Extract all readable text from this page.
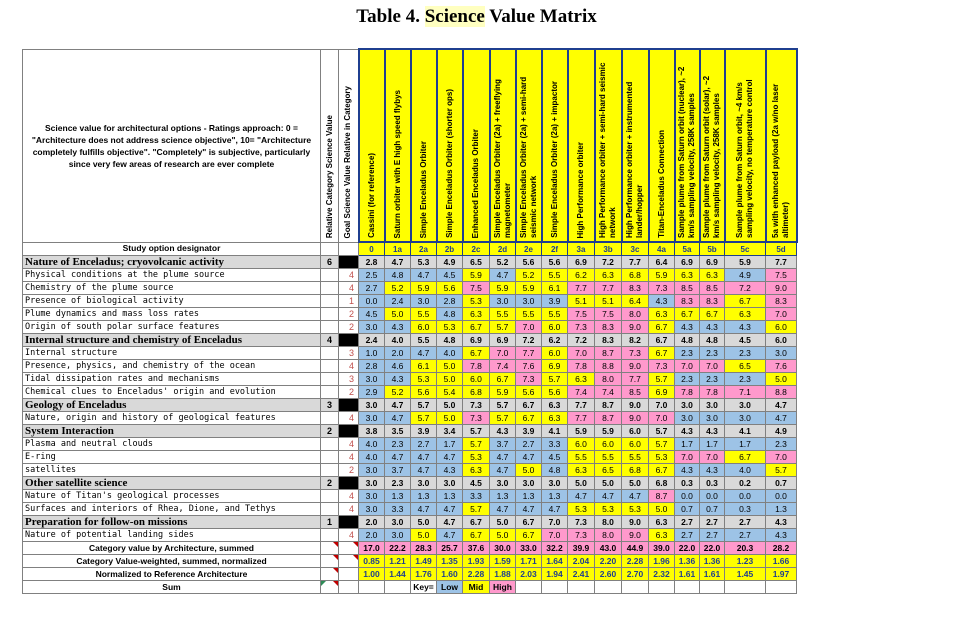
Table 4. Science Value Matrix
Science value for architectural options - Ratings approach: 0 = "Architecture does not address science objective", 10= "Architecture completely fulfills objective". "Completely" is subjective, particularly since very few areas of research are ever complete	Relative Category Science Value	Goal Science Value Relative in Category	Cassini (for reference)	Saturn orbiter with E high speed flybys	Simple Enceladus Orbiter	Simple Enceladus Orbiter (shorter ops)	Enhanced Enceladus Orbiter	Simple Enceladus Orbiter (2a) + freeflying magnetometer	Simple Enceladus Orbiter (2a) + semi-hard seismic network	Simple Enceladus Orbiter (2a) + impactor	High Performance orbiter	High Performance orbiter + semi-hard seismic network	High Performance orbiter + instrumented lander/hopper	Titan-Enceladus Connection	Sample plume from Saturn orbit (nuclear), ~2 km/s sampling velocity, 258K samples	Sample plume from Saturn orbit (solar), ~2 km/s sampling velocity, 258K samples	Sample plume from Saturn orbit, ~4 km/s sampling velocity, no temperature control	5a with enhanced payload (2a w/no laser altimeter)

Study option designator			0	1a	2a	2b	2c	2d	2e	2f	3a	3b	3c	4a	5a	5b	5c	5d
Nature of Enceladus; cryovolcanic activity	6		2.8	4.7	5.3	4.9	6.5	5.2	5.6	5.6	6.9	7.2	7.7	6.4	6.9	6.9	5.9	7.7
Physical conditions at the plume source		4	2.5	4.8	4.7	4.5	5.9	4.7	5.2	5.5	6.2	6.3	6.8	5.9	6.3	6.3	4.9	7.5
Chemistry of the plume source		4	2.7	5.2	5.9	5.6	7.5	5.9	5.9	6.1	7.7	7.7	8.3	7.3	8.5	8.5	7.2	9.0
Presence of biological activity		1	0.0	2.4	3.0	2.8	5.3	3.0	3.0	3.9	5.1	5.1	6.4	4.3	8.3	8.3	6.7	8.3
Plume dynamics and mass loss rates		2	4.5	5.0	5.5	4.8	6.3	5.5	5.5	5.5	7.5	7.5	8.0	6.3	6.7	6.7	6.3	7.0
Origin of south polar surface features		2	3.0	4.3	6.0	5.3	6.7	5.7	7.0	6.0	7.3	8.3	9.0	6.7	4.3	4.3	4.3	6.0
Internal structure and chemistry of Enceladus	4		2.4	4.0	5.5	4.8	6.9	6.9	7.2	6.2	7.2	8.3	8.2	6.7	4.8	4.8	4.5	6.0
Internal structure		3	1.0	2.0	4.7	4.0	6.7	7.0	7.7	6.0	7.0	8.7	7.3	6.7	2.3	2.3	2.3	3.0
Presence, physics, and chemistry of the ocean		4	2.8	4.6	6.1	5.0	7.8	7.4	7.6	6.9	7.8	8.8	9.0	7.3	7.0	7.0	6.5	7.6
Tidal dissipation rates and mechanisms		3	3.0	4.3	5.3	5.0	6.0	6.7	7.3	5.7	6.3	8.0	7.7	5.7	2.3	2.3	2.3	5.0
Chemical clues to Enceladus' origin and evolution		2	2.9	5.2	5.6	5.4	6.8	5.9	5.6	5.6	7.4	7.4	8.5	6.9	7.8	7.8	7.1	8.8
Geology of Enceladus	3		3.0	4.7	5.7	5.0	7.3	5.7	6.7	6.3	7.7	8.7	9.0	7.0	3.0	3.0	3.0	4.7
Nature, origin and history of geological features		4	3.0	4.7	5.7	5.0	7.3	5.7	6.7	6.3	7.7	8.7	9.0	7.0	3.0	3.0	3.0	4.7
System Interaction	2		3.8	3.5	3.9	3.4	5.7	4.3	3.9	4.1	5.9	5.9	6.0	5.7	4.3	4.3	4.1	4.9
Plasma and neutral clouds		4	4.0	2.3	2.7	1.7	5.7	3.7	2.7	3.3	6.0	6.0	6.0	5.7	1.7	1.7	1.7	2.3
E-ring		4	4.0	4.7	4.7	4.7	5.3	4.7	4.7	4.5	5.5	5.5	5.5	5.3	7.0	7.0	6.7	7.0
satellites		2	3.0	3.7	4.7	4.3	6.3	4.7	5.0	4.8	6.3	6.5	6.8	6.7	4.3	4.3	4.0	5.7
Other satellite science	2		3.0	2.3	3.0	3.0	4.5	3.0	3.0	3.0	5.0	5.0	5.0	6.8	0.3	0.3	0.2	0.7
Nature of Titan's geological processes		4	3.0	1.3	1.3	1.3	3.3	1.3	1.3	1.3	4.7	4.7	4.7	8.7	0.0	0.0	0.0	0.0
Surfaces and interiors of Rhea, Dione, and Tethys		4	3.0	3.3	4.7	4.7	5.7	4.7	4.7	4.7	5.3	5.3	5.3	5.0	0.7	0.7	0.3	1.3
Preparation for follow-on missions	1		2.0	3.0	5.0	4.7	6.7	5.0	6.7	7.0	7.3	8.0	9.0	6.3	2.7	2.7	2.7	4.3
Nature of potential landing sides		4	2.0	3.0	5.0	4.7	6.7	5.0	6.7	7.0	7.3	8.0	9.0	6.3	2.7	2.7	2.7	4.3
Category value by Architecture, summed			17.0	22.2	28.3	25.7	37.6	30.0	33.0	32.2	39.9	43.0	44.9	39.0	22.0	22.0	20.3	28.2
Category Value-weighted, summed, normalized			0.85	1.21	1.49	1.35	1.93	1.59	1.71	1.64	2.04	2.20	2.28	1.96	1.36	1.36	1.23	1.66
Normalized to Reference Architecture			1.00	1.44	1.76	1.60	2.28	1.88	2.03	1.94	2.41	2.60	2.70	2.32	1.61	1.61	1.45	1.97
Sum					Key=	Low	Mid	High										
